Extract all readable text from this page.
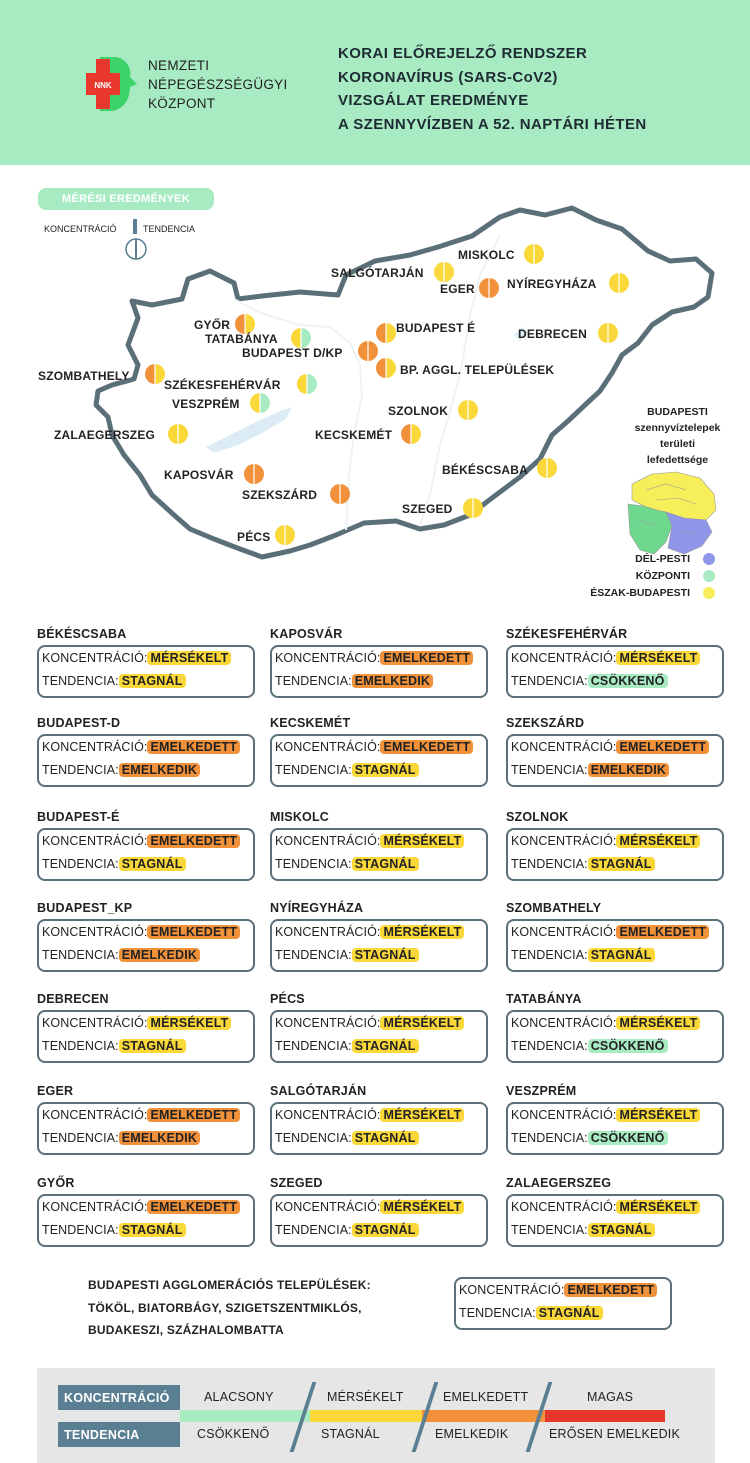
NNK
NEMZETI
NÉPEGÉSZSÉGÜGYI
KÖZPONT
KORAI ELŐREJELZŐ RENDSZER
KORONAVÍRUS (SARS-CoV2)
VIZSGÁLAT EREDMÉNYE
A SZENNYVÍZBEN A 52. NAPTÁRI HÉTEN
MÉRÉSI EREDMÉNYEK
KONCENTRÁCIÓ	TENDENCIA
MISKOLC
SALGÓTARJÁN
EGER	NYÍREGYHÁZA
GYŐR
TATABÁNYA
BUDAPEST É
BUDAPEST D/KP
DEBRECEN
BP. AGGL. TELEPÜLÉSEK
SZOMBATHELY
SZÉKESFEHÉRVÁR
VESZPRÉM	SZOLNOK
ZALAEGERSZEG	KECSKEMÉT
BÉKÉSCSABA
KAPOSVÁR
SZEKSZÁRD
SZEGED
PÉCS
BUDAPESTI
szennyvíztelepek
területi
lefedettsége
DÉL-PESTI
KÖZPONTI
ÉSZAK-BUDAPESTI
BUDAPESTI AGGLOMERÁCIÓS TELEPÜLÉSEK:
TÖKÖL, BIATORBÁGY, SZIGETSZENTMIKLÓS,
BUDAKESZI, SZÁZHALOMBATTA
KONCENTRÁCIÓ: EMELKEDETT
TENDENCIA: STAGNÁL
KONCENTRÁCIÓ
TENDENCIA
ALACSONY	MÉRSÉKELT	EMELKEDETT	MAGAS
CSÖKKENŐ	STAGNÁL	EMELKEDIK	ERŐSEN EMELKEDIK
BÉKÉSCSABA
KONCENTRÁCIÓ: MÉRSÉKELT
TENDENCIA: STAGNÁL
KAPOSVÁR
KONCENTRÁCIÓ: EMELKEDETT
TENDENCIA: EMELKEDIK
SZÉKESFEHÉRVÁR
KONCENTRÁCIÓ: MÉRSÉKELT
TENDENCIA: CSÖKKENŐ
BUDAPEST-D
KONCENTRÁCIÓ: EMELKEDETT
TENDENCIA: EMELKEDIK
KECSKEMÉT
KONCENTRÁCIÓ: EMELKEDETT
TENDENCIA: STAGNÁL
SZEKSZÁRD
KONCENTRÁCIÓ: EMELKEDETT
TENDENCIA: EMELKEDIK
BUDAPEST-É
KONCENTRÁCIÓ: EMELKEDETT
TENDENCIA: STAGNÁL
MISKOLC
KONCENTRÁCIÓ: MÉRSÉKELT
TENDENCIA: STAGNÁL
SZOLNOK
KONCENTRÁCIÓ: MÉRSÉKELT
TENDENCIA: STAGNÁL
BUDAPEST_KP
KONCENTRÁCIÓ: EMELKEDETT
TENDENCIA: EMELKEDIK
NYÍREGYHÁZA
KONCENTRÁCIÓ: MÉRSÉKELT
TENDENCIA: STAGNÁL
SZOMBATHELY
KONCENTRÁCIÓ: EMELKEDETT
TENDENCIA: STAGNÁL
DEBRECEN
KONCENTRÁCIÓ: MÉRSÉKELT
TENDENCIA: STAGNÁL
PÉCS
KONCENTRÁCIÓ: MÉRSÉKELT
TENDENCIA: STAGNÁL
TATABÁNYA
KONCENTRÁCIÓ: MÉRSÉKELT
TENDENCIA: CSÖKKENŐ
EGER
KONCENTRÁCIÓ: EMELKEDETT
TENDENCIA: EMELKEDIK
SALGÓTARJÁN
KONCENTRÁCIÓ: MÉRSÉKELT
TENDENCIA: STAGNÁL
VESZPRÉM
KONCENTRÁCIÓ: MÉRSÉKELT
TENDENCIA: CSÖKKENŐ
GYŐR
KONCENTRÁCIÓ: EMELKEDETT
TENDENCIA: STAGNÁL
SZEGED
KONCENTRÁCIÓ: MÉRSÉKELT
TENDENCIA: STAGNÁL
ZALAEGERSZEG
KONCENTRÁCIÓ: MÉRSÉKELT
TENDENCIA: STAGNÁL
